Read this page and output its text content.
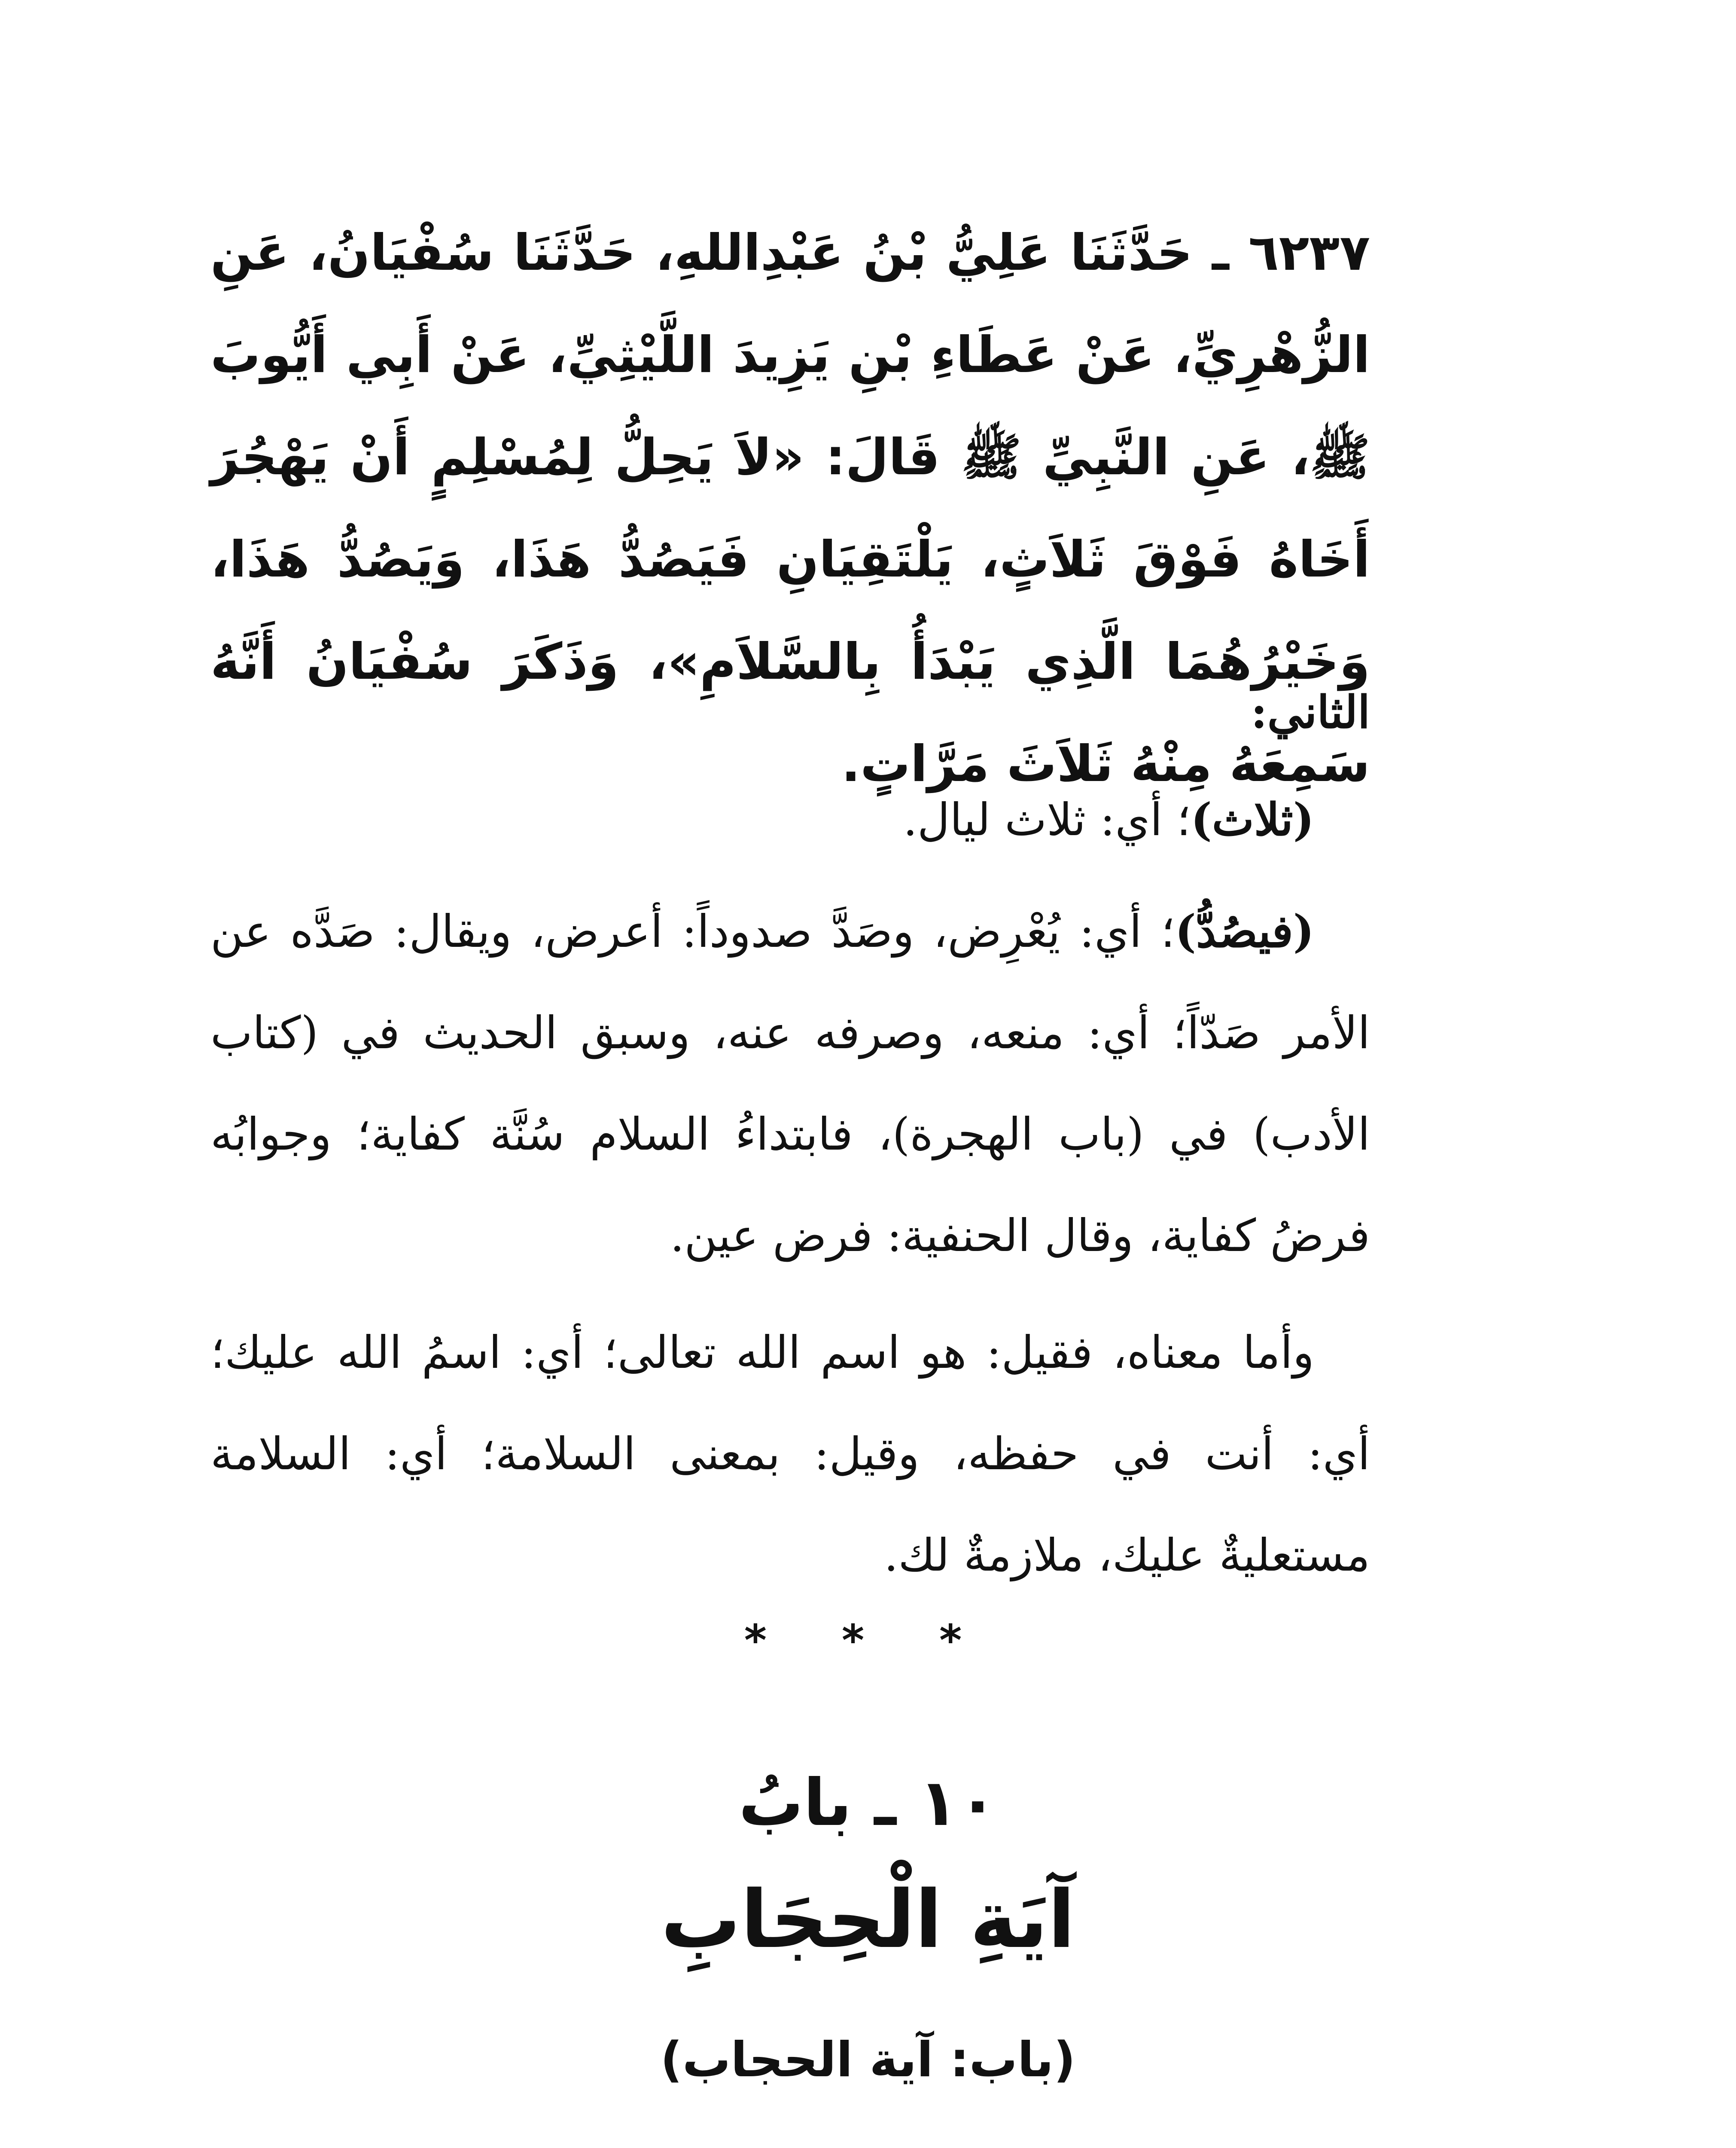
٦٢٣٧ ـ حَدَّثَنَا عَلِيُّ بْنُ عَبْدِاللهِ، حَدَّثَنَا سُفْيَانُ، عَنِ الزُّهْرِيِّ، عَنْ عَطَاءِ بْنِ يَزِيدَ اللَّيْثِيِّ، عَنْ أَبِي أَيُّوبَ ﷺ، عَنِ النَّبِيِّ ﷺ قَالَ: «لاَ يَحِلُّ لِمُسْلِمٍ أَنْ يَهْجُرَ أَخَاهُ فَوْقَ ثَلاَثٍ، يَلْتَقِيَانِ فَيَصُدُّ هَذَا، وَيَصُدُّ هَذَا، وَخَيْرُهُمَا الَّذِي يَبْدَأُ بِالسَّلاَمِ»، وَذَكَرَ سُفْيَانُ أَنَّهُ سَمِعَهُ مِنْهُ ثَلاَثَ مَرَّاتٍ.

الثاني:

(ثلاث)؛ أي: ثلاث ليال.

(فيصُدُّ)؛ أي: يُعْرِض، وصَدَّ صدوداً: أعرض، ويقال: صَدَّه عن الأمر صَدّاً؛ أي: منعه، وصرفه عنه، وسبق الحديث في (كتاب الأدب) في (باب الهجرة)، فابتداءُ السلام سُنَّة كفاية؛ وجوابُه فرضُ كفاية، وقال الحنفية: فرض عين.

وأما معناه، فقيل: هو اسم الله تعالى؛ أي: اسمُ الله عليك؛ أي: أنت في حفظه، وقيل: بمعنى السلامة؛ أي: السلامة مستعليةٌ عليك، ملازمةٌ لك.

* * *
١٠ ـ بابُ
آيَةِ الْحِجَابِ
(باب: آية الحجاب)
